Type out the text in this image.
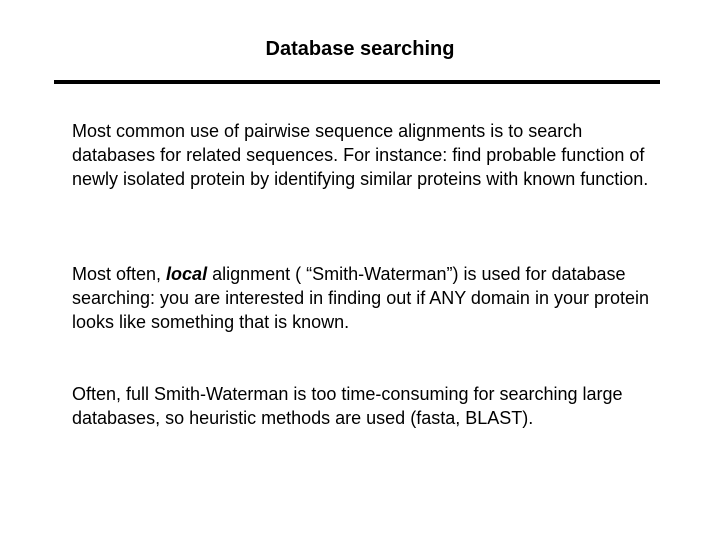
Database searching

Most common use of pairwise sequence alignments is to search databases for related sequences. For instance: find probable function of newly isolated protein by identifying similar proteins with known function.

Most often, local alignment ( “Smith-Waterman”) is used for database searching: you are interested in finding out if ANY domain in your protein looks like something that is known.

Often, full Smith-Waterman is too time-consuming for searching large databases, so heuristic methods are used (fasta, BLAST).
